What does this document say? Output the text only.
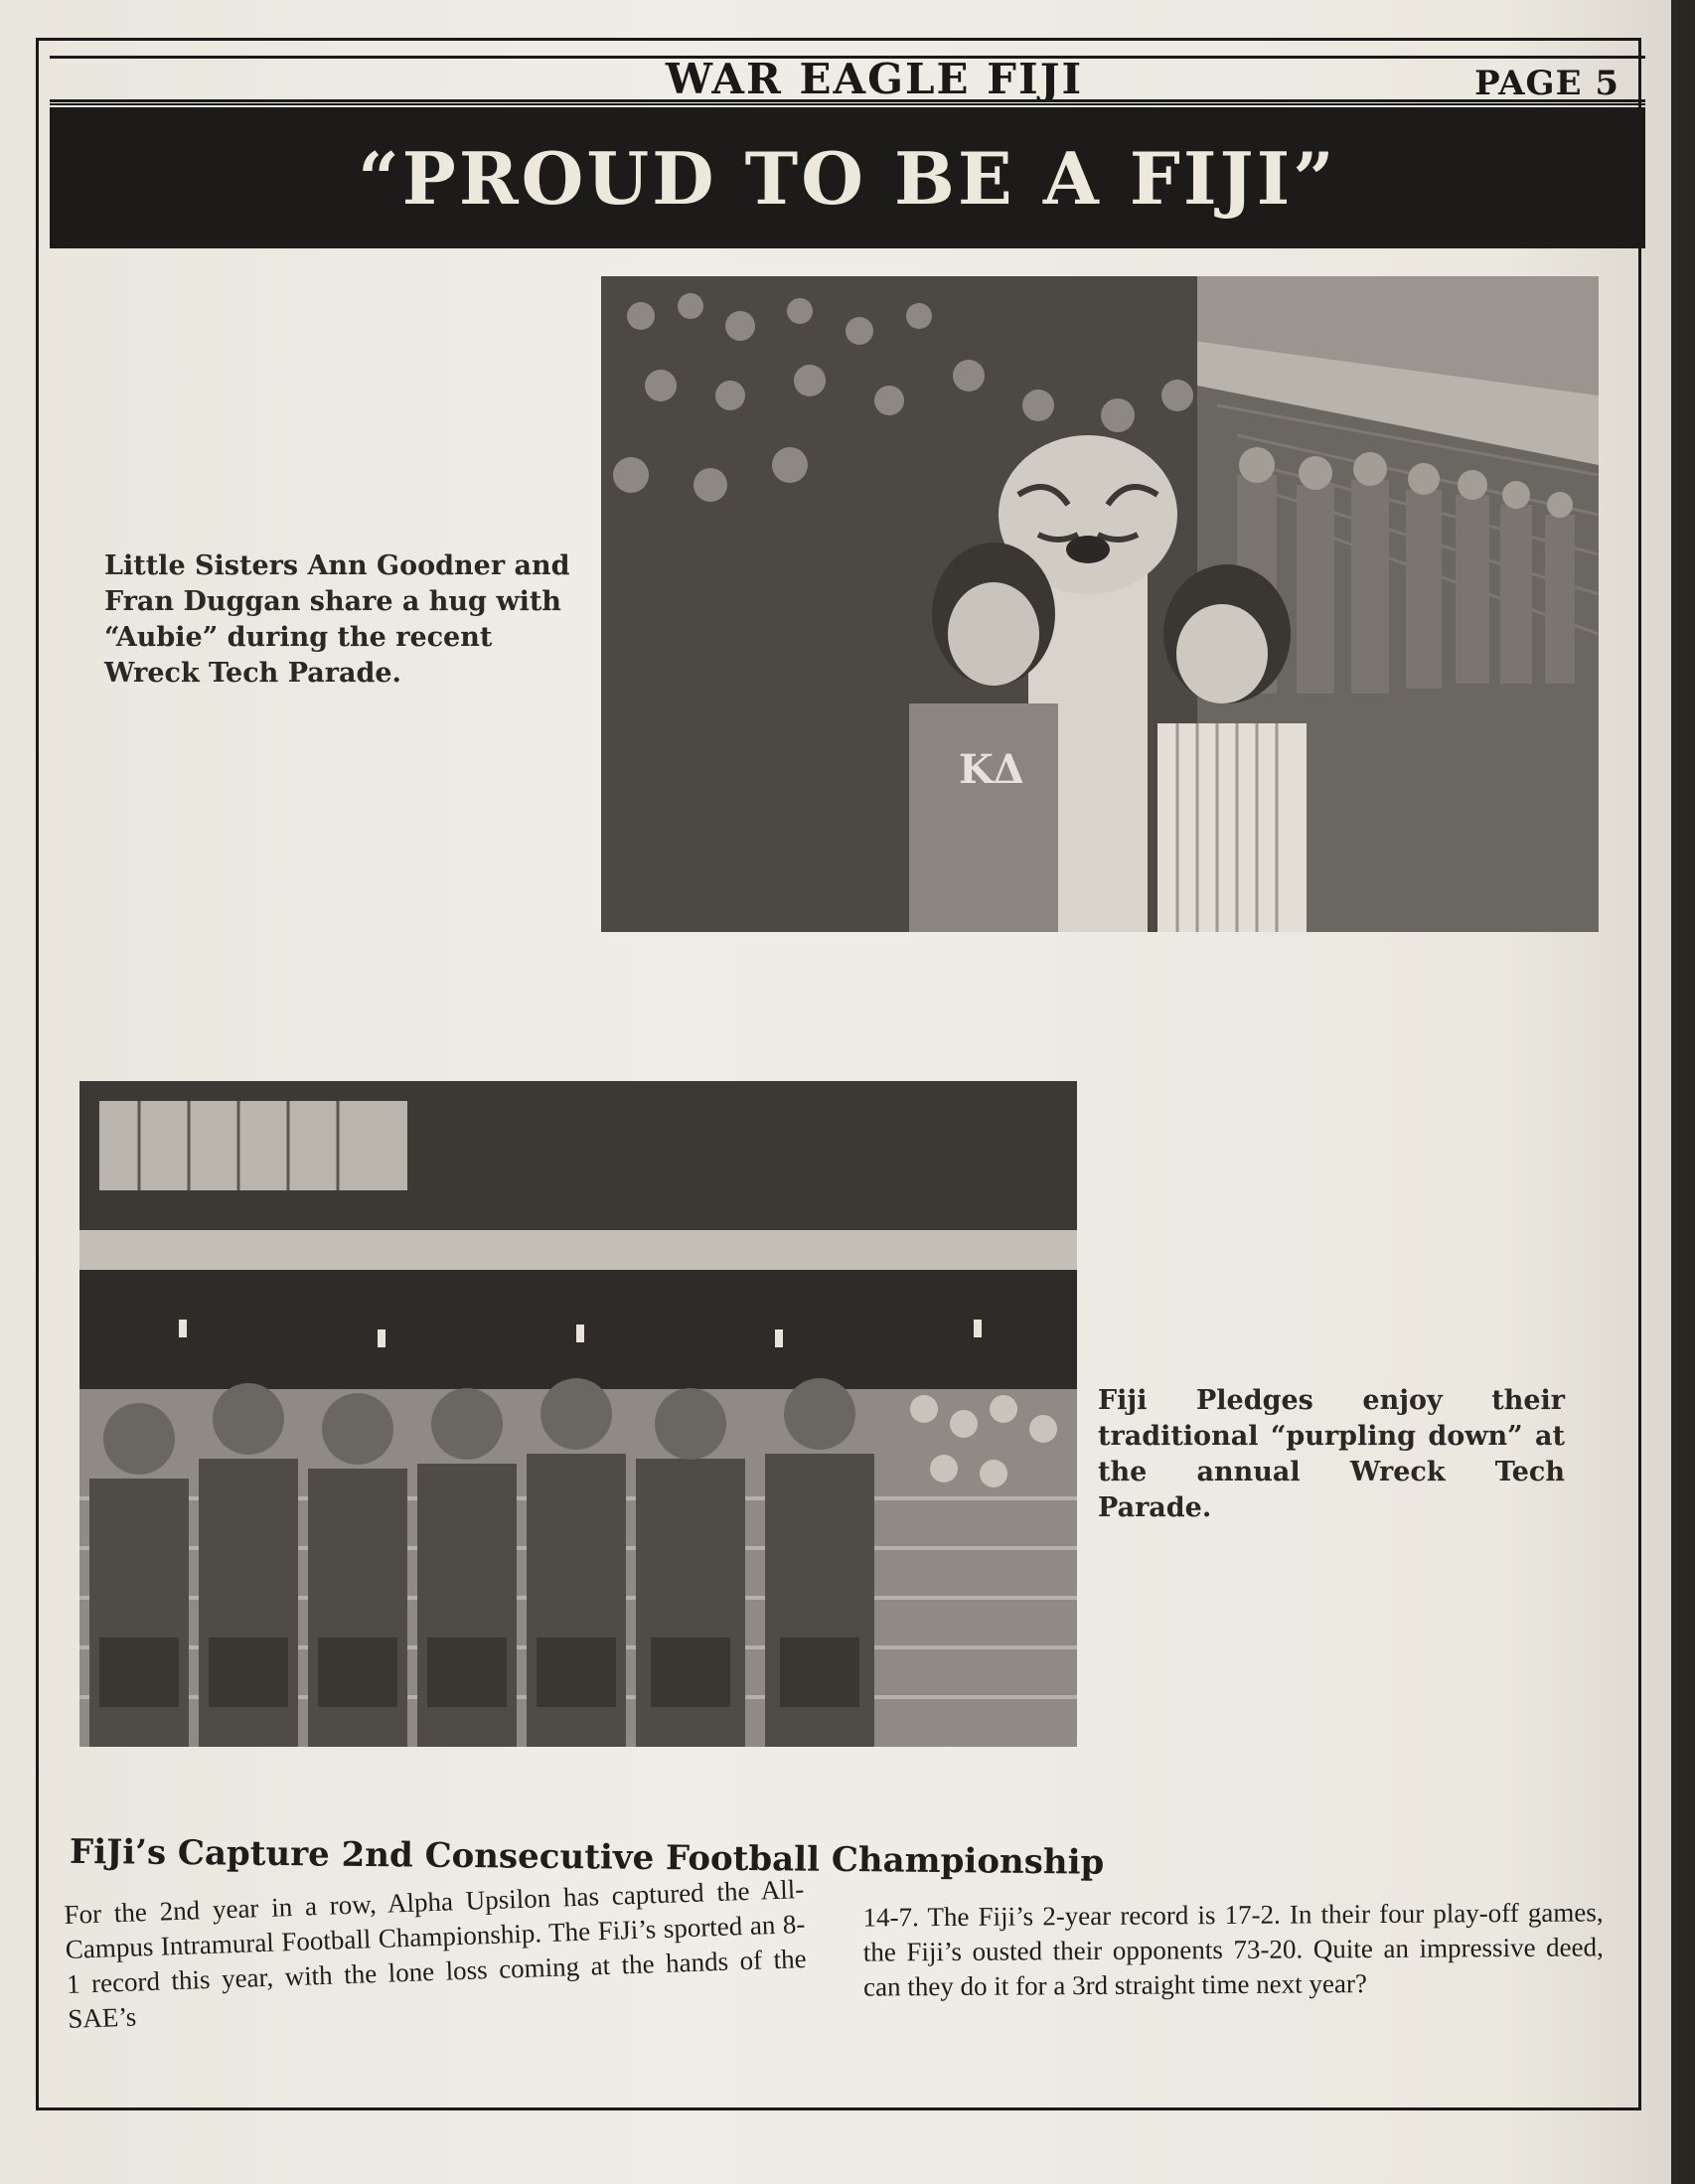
WAR EAGLE FIJI	PAGE 5
“PROUD TO BE A FIJI”
KΔ
Little Sisters Ann Goodner and Fran Duggan share a hug with “Aubie” during the recent Wreck Tech Parade.
Fiji Pledges enjoy their traditional “purpling down” at the annual Wreck Tech Parade.
FiJi’s Capture 2nd Consecutive Football Championship
For the 2nd year in a row, Alpha Upsilon has captured the All-Campus Intramural Football Championship. The FiJi’s sported an 8-1 record this year, with the lone loss coming at the hands of the SAE’s
14-7. The Fiji’s 2-year record is 17-2. In their four play-off games, the Fiji’s ousted their opponents 73-20. Quite an impressive deed, can they do it for a 3rd straight time next year?
